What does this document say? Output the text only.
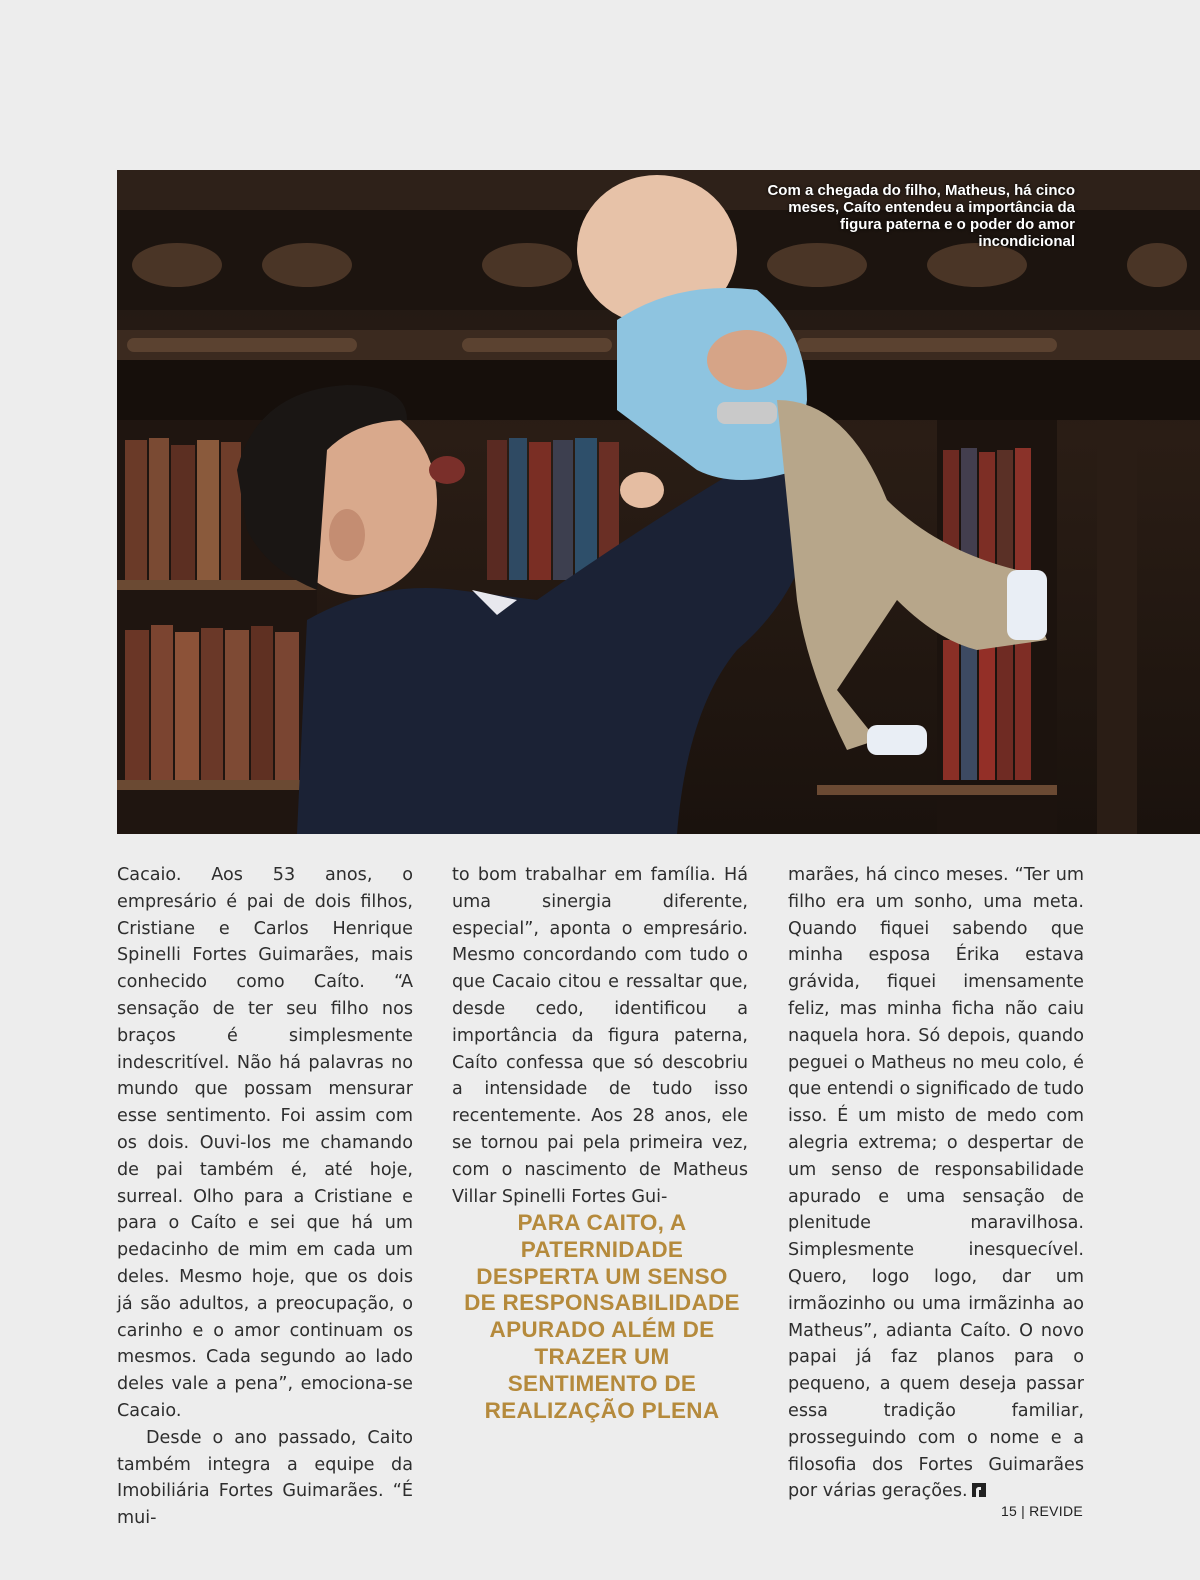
Com a chegada do filho, Matheus, há cinco meses, Caíto entendeu a importância da figura paterna e o poder do amor incondicional

Cacaio. Aos 53 anos, o empresário é pai de dois filhos, Cristiane e Carlos Henrique Spinelli Fortes Guimarães, mais conhecido como Caíto. “A sensação de ter seu filho nos braços é simplesmente indescritível. Não há palavras no mundo que possam mensurar esse sentimento. Foi assim com os dois. Ouvi-los me chamando de pai também é, até hoje, surreal. Olho para a Cristiane e para o Caíto e sei que há um pedacinho de mim em cada um deles. Mesmo hoje, que os dois já são adultos, a preocupação, o carinho e o amor continuam os mesmos. Cada segundo ao lado deles vale a pena”, emociona-se Cacaio.

Desde o ano passado, Caito também integra a equipe da Imobiliária Fortes Guimarães. “É mui-

to bom trabalhar em família. Há uma sinergia diferente, especial”, aponta o empresário. Mesmo concordando com tudo o que Cacaio citou e ressaltar que, desde cedo, identificou a importância da figura paterna, Caíto confessa que só descobriu a intensidade de tudo isso recentemente. Aos 28 anos, ele se tornou pai pela primeira vez, com o nascimento de Matheus Villar Spinelli Fortes Gui-

PARA CAITO, A PATERNIDADE DESPERTA UM SENSO DE RESPONSABILIDADE APURADO ALÉM DE TRAZER UM SENTIMENTO DE REALIZAÇÃO PLENA

marães, há cinco meses. “Ter um filho era um sonho, uma meta. Quando fiquei sabendo que minha esposa Érika estava grávida, fiquei imensamente feliz, mas minha ficha não caiu naquela hora. Só depois, quando peguei o Matheus no meu colo, é que entendi o significado de tudo isso. É um misto de medo com alegria extrema; o despertar de um senso de responsabilidade apurado e uma sensação de plenitude maravilhosa. Simplesmente inesquecível. Quero, logo logo, dar um irmãozinho ou uma irmãzinha ao Matheus”, adianta Caíto. O novo papai já faz planos para o pequeno, a quem deseja passar essa tradição familiar, prosseguindo com o nome e a filosofia dos Fortes Guimarães por várias gerações.

15 | REVIDE
